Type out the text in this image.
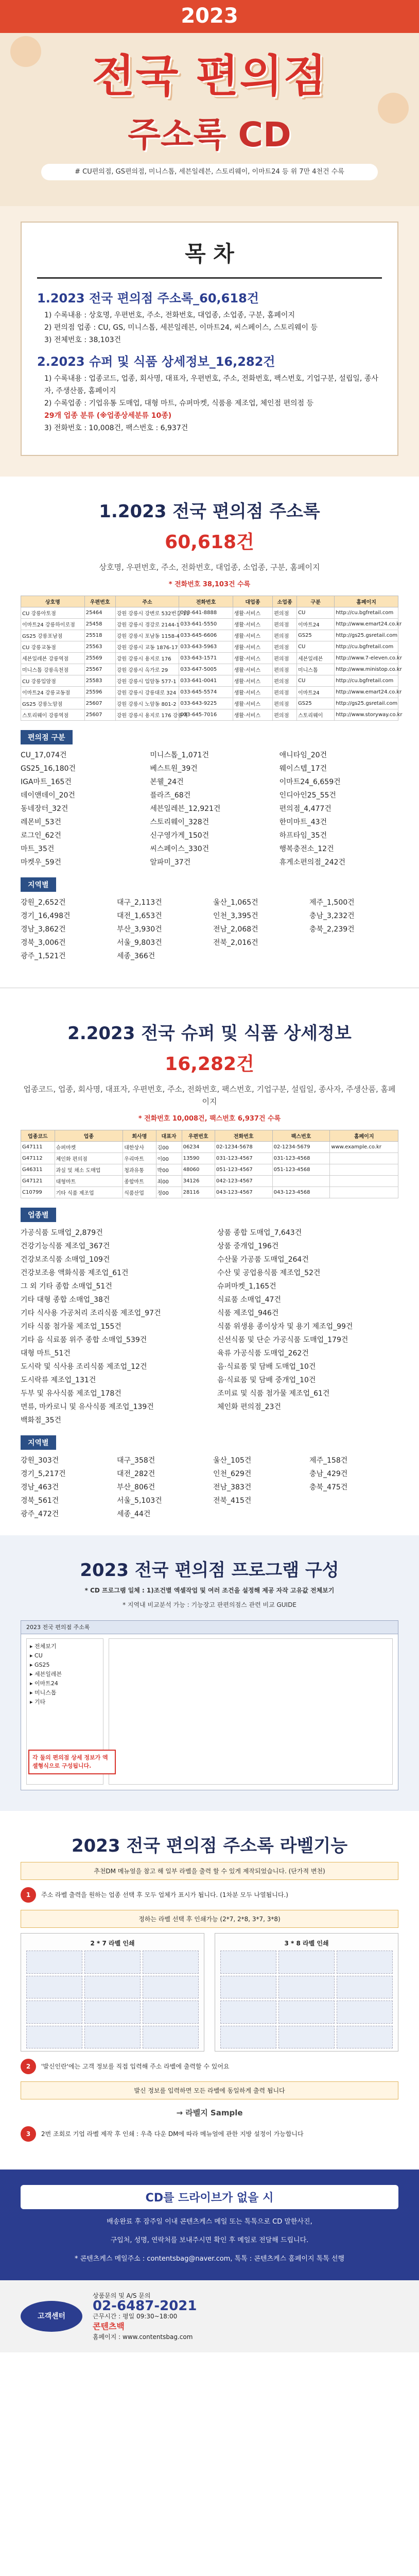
2023
전국 편의점
주소록 CD
# CU편의점, GS편의점, 미니스톱, 세븐일레븐, 스토리웨이, 이마트24 등 위 7만 4천건 수록
목 차
1.2023 전국 편의점 주소록_60,618건

1) 수록내용 : 상호명, 우편번호, 주소, 전화번호, 대업종, 소업종, 구분, 홈페이지

2) 편의점 업종 : CU, GS, 미니스톱, 세븐일레븐, 이마트24, 씨스페이스, 스토리웨이 등

3) 전체번호 : 38,103건

2.2023 슈퍼 및 식품 상세정보_16,282건

1) 수록내용 : 업종코드, 업종, 회사명, 대표자, 우편번호, 주소, 전화번호, 팩스번호, 기업구분, 설립일, 종사자, 주생산품, 홈페이지

2) 수록업종 : 기업유통 도매업, 대형 마트, 슈퍼마켓, 식품용 제조업, 체인점 편의점 등

29개 업종 분류 (※업종상세분류 10종)

3) 전화번호 : 10,008건, 팩스번호 : 6,937건

1.2023 전국 편의점 주소록
60,618건
상호명, 우편번호, 주소, 전화번호, 대업종, 소업종, 구분, 홈페이지
* 전화번호 38,103건 수록
상호명	우편번호	주소	전화번호	대업종	소업종	구분	홈페이지
CU 강릉아토점	25464	강원 강릉시 강변로 532번길 11	033-641-8888	생활·서비스	편의점	CU	http://cu.bgfretail.com
이마트24 강릉하이로점	25458	강원 강릉시 경강로 2144-1	033-641-5550	생활·서비스	편의점	이마트24	http://www.emart24.co.kr
GS25 강릉포남점	25518	강원 강릉시 포남동 1158-4	033-645-6606	생활·서비스	편의점	GS25	http://gs25.gsretail.com
CU 강릉교동점	25563	강원 강릉시 교동 1876-17	033-643-5963	생활·서비스	편의점	CU	http://cu.bgfretail.com
세븐일레븐 강릉역점	25569	강원 강릉시 용지로 176	033-643-1571	생활·서비스	편의점	세븐일레븐	http://www.7-eleven.co.kr
미니스톱 강릉옥천점	25567	강원 강릉시 옥가로 29	033-647-5005	생활·서비스	편의점	미니스톱	http://www.ministop.co.kr
CU 강릉입암점	25583	강원 강릉시 입암동 577-1	033-641-0041	생활·서비스	편의점	CU	http://cu.bgfretail.com
이마트24 강릉교동점	25596	강원 강릉시 강릉대로 324	033-645-5574	생활·서비스	편의점	이마트24	http://www.emart24.co.kr
GS25 강릉노암점	25607	강원 강릉시 노암동 801-2	033-643-9225	생활·서비스	편의점	GS25	http://gs25.gsretail.com
스토리웨이 강릉역점	25607	강원 강릉시 용지로 176 강릉역	033-645-7016	생활·서비스	편의점	스토리웨이	http://www.storyway.co.kr
편의점 구분
CU_17,074건	미니스톱_1,071건	애니타임_20건
GS25_16,180건	베스트원_39건	웨이스텝_17건
IGA마트_165건	본웰_24건	이마트24_6,659건
데이앤데이_20건	플라즈_68건	인디아인25_55건
동네장터_32건	세븐일레븐_12,921건	편의점_4,477건
레몬비_53건	스토리웨이_328건	한미마트_43건
로그인_62건	신구영가게_150건	하프타임_35건
마트_35건	씨스페이스_330건	행복충전소_12건
마켓우_59건	알파미_37건	휴게소편의점_242건
지역별
강원_2,652건	대구_2,113건	울산_1,065건	제주_1,500건
경기_16,498건	대전_1,653건	인천_3,395건	충남_3,232건
경남_3,862건	부산_3,930건	전남_2,068건	충북_2,239건
경북_3,006건	서울_9,803건	전북_2,016건
광주_1,521건	세종_366건
2.2023 전국 슈퍼 및 식품 상세정보
16,282건
업종코드, 업종, 회사명, 대표자, 우편번호, 주소, 전화번호, 팩스번호, 기업구분, 설립일, 종사자, 주생산품, 홈페이지
* 전화번호 10,008건, 팩스번호 6,937건 수록
업종코드	업종	회사명	대표자	우편번호	전화번호	팩스번호	홈페이지
G47111	슈퍼마켓	대한상사	김00	06234	02-1234-5678	02-1234-5679	www.example.co.kr
G47112	체인화 편의점	우리마트	이00	13590	031-123-4567	031-123-4568	
G46311	과실 및 채소 도매업	청과유통	박00	48060	051-123-4567	051-123-4568	
G47121	대형마트	종합마트	최00	34126	042-123-4567		
C10799	기타 식품 제조업	식품산업	정00	28116	043-123-4567	043-123-4568	
업종별
가공식품 도매업_2,879건	상품 종합 도매업_7,643건
건강기능식품 제조업_367건	상품 중개업_196건
건강보조식품 소매업_109건	수산물 가공품 도매업_264건
건강보조용 액화식품 제조업_61건	수산 및 공업용식품 제조업_52건
그 외 기타 종합 소매업_51건	슈퍼마켓_1,165건
기타 대형 종합 소매업_38건	식료품 소매업_47건
기타 식사용 가공처리 조리식품 제조업_97건	식품 제조업_946건
기타 식품 첨가물 제조업_155건	식품 위생용 종이상자 및 용기 제조업_99건
기타 음 식료품 위주 종합 소매업_539건	신선식품 및 단순 가공식품 도매업_179건
대형 마트_51건	육류 가공식품 도매업_262건
도시락 및 식사용 조리식품 제조업_12건	음·식료품 및 담배 도매업_10건
도시락류 제조업_131건	음·식료품 및 담배 중개업_10건
두부 및 유사식품 제조업_178건	조미료 및 식품 첨가물 제조업_61건
면류, 마카로니 및 유사식품 제조업_139건	체인화 편의점_23건
백화점_35건
지역별
강원_303건	대구_358건	울산_105건	제주_158건
경기_5,217건	대전_282건	인천_629건	충남_429건
경남_463건	부산_806건	전남_383건	충북_475건
경북_561건	서울_5,103건	전북_415건
광주_472건	세종_44건
2023 전국 편의점 프로그램 구성
* CD 프로그램 일체 : 1)조건별 엑셀작업 및 여러 조건을 설정해 제공 자작 고유값 전체보기
* 지역내 비교분석 가능 : 기능장고 판편의점스 관련 비교 GUIDE
2023 전국 편의점 주소록
▸ 전체보기
▸ CU
▸ GS25
▸ 세븐일레븐
▸ 이마트24
▸ 미니스톱
▸ 기타
각 둘의 편의점 상세 정보가 엑셀형식으로 구성됩니다.
2023 전국 편의점 주소록 라벨기능
추천DM 메뉴얼을 참고 해 일부 라벨을 출력 할 수 있게 제작되었습니다. (단가적 변천)
1	주소 라벨 출력을 원하는 업종 선택 후 모두 업체가 표시가 됩니다. (1차분 모두 나열됩니다.)
정하는 라벨 선택 후 인쇄가능 (2*7, 2*8, 3*7, 3*8)
2 * 7 라벨 인쇄	3 * 8 라벨 인쇄
2	'발신인란'에는 고객 정보를 직접 입력해 주소 라벨에 출력할 수 있어요
발신 정보를 입력하면 모든 라벨에 동일하게 출력 됩니다
→ 라벨지 Sample
3	2번 조회로 기업 라벨 제작 후 인쇄 : 우측 다운 DM에 따라 메뉴얼에 관한 지방 설정이 가능합니다
CD를 드라이브가 없을 시
배송완료 후 잠주일 이내 콘텐츠케스 메일 또는 톡톡으로 CD 말한사진,
구입처, 성명, 연락처를 보내주시면 확인 후 메일로 전달해 드립니다.
* 콘텐츠케스 메일주소 : contentsbag@naver.com, 톡톡 : 콘텐츠케스 홈페이지 톡톡 선행
고객센터
상품문의 및 A/S 문의
02-6487-2021
근무시간 : 평일 09:30~18:00
콘텐츠백
홈페이지 : www.contentsbag.com
